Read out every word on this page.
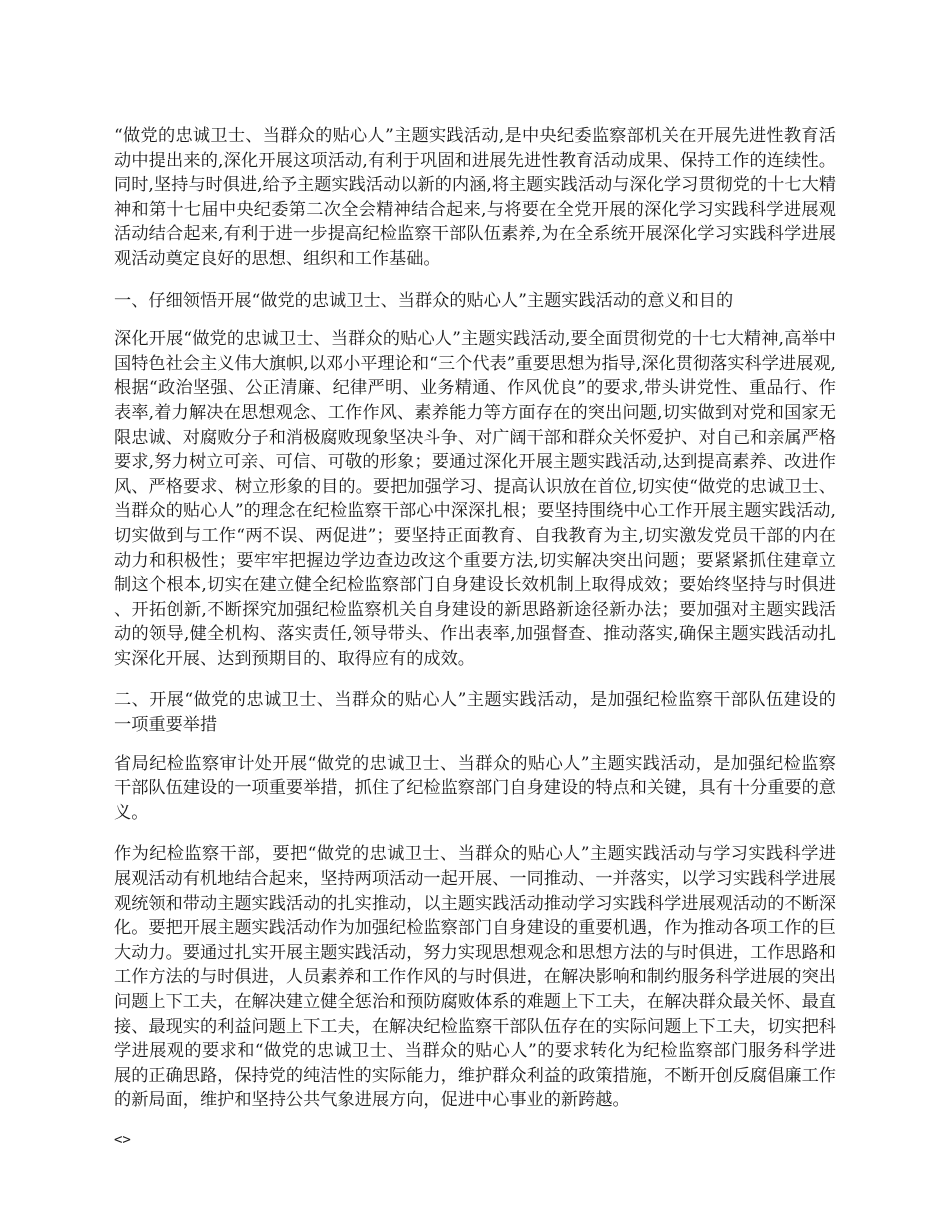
“做党的忠诚卫士、当群众的贴心人”主题实践活动,是中央纪委监察部机关在开展先进性教育活动中提出来的,深化开展这项活动,有利于巩固和进展先进性教育活动成果、保持工作的连续性。同时,坚持与时俱进,给予主题实践活动以新的内涵,将主题实践活动与深化学习贯彻党的十七大精神和第十七届中央纪委第二次全会精神结合起来,与将要在全党开展的深化学习实践科学进展观活动结合起来,有利于进一步提高纪检监察干部队伍素养,为在全系统开展深化学习实践科学进展观活动奠定良好的思想、组织和工作基础。

一、仔细领悟开展“做党的忠诚卫士、当群众的贴心人”主题实践活动的意义和目的

深化开展“做党的忠诚卫士、当群众的贴心人”主题实践活动,要全面贯彻党的十七大精神,高举中国特色社会主义伟大旗帜,以邓小平理论和“三个代表”重要思想为指导,深化贯彻落实科学进展观,根据“政治坚强、公正清廉、纪律严明、业务精通、作风优良”的要求,带头讲党性、重品行、作表率,着力解决在思想观念、工作作风、素养能力等方面存在的突出问题,切实做到对党和国家无限忠诚、对腐败分子和消极腐败现象坚决斗争、对广阔干部和群众关怀爱护、对自己和亲属严格要求,努力树立可亲、可信、可敬的形象；要通过深化开展主题实践活动,达到提高素养、改进作风、严格要求、树立形象的目的。要把加强学习、提高认识放在首位,切实使“做党的忠诚卫士、当群众的贴心人”的理念在纪检监察干部心中深深扎根；要坚持围绕中心工作开展主题实践活动,切实做到与工作“两不误、两促进”；要坚持正面教育、自我教育为主,切实激发党员干部的内在动力和积极性；要牢牢把握边学边查边改这个重要方法,切实解决突出问题；要紧紧抓住建章立制这个根本,切实在建立健全纪检监察部门自身建设长效机制上取得成效；要始终坚持与时俱进、开拓创新,不断探究加强纪检监察机关自身建设的新思路新途径新办法；要加强对主题实践活动的领导,健全机构、落实责任,领导带头、作出表率,加强督查、推动落实,确保主题实践活动扎实深化开展、达到预期目的、取得应有的成效。

二、开展“做党的忠诚卫士、当群众的贴心人”主题实践活动，是加强纪检监察干部队伍建设的一项重要举措

省局纪检监察审计处开展“做党的忠诚卫士、当群众的贴心人”主题实践活动，是加强纪检监察干部队伍建设的一项重要举措，抓住了纪检监察部门自身建设的特点和关键，具有十分重要的意义。

作为纪检监察干部，要把“做党的忠诚卫士、当群众的贴心人”主题实践活动与学习实践科学进展观活动有机地结合起来，坚持两项活动一起开展、一同推动、一并落实，以学习实践科学进展观统领和带动主题实践活动的扎实推动，以主题实践活动推动学习实践科学进展观活动的不断深化。要把开展主题实践活动作为加强纪检监察部门自身建设的重要机遇，作为推动各项工作的巨大动力。要通过扎实开展主题实践活动，努力实现思想观念和思想方法的与时俱进，工作思路和工作方法的与时俱进，人员素养和工作作风的与时俱进，在解决影响和制约服务科学进展的突出问题上下工夫，在解决建立健全惩治和预防腐败体系的难题上下工夫，在解决群众最关怀、最直接、最现实的利益问题上下工夫，在解决纪检监察干部队伍存在的实际问题上下工夫，切实把科学进展观的要求和“做党的忠诚卫士、当群众的贴心人”的要求转化为纪检监察部门服务科学进展的正确思路，保持党的纯洁性的实际能力，维护群众利益的政策措施，不断开创反腐倡廉工作的新局面，维护和坚持公共气象进展方向，促进中心事业的新跨越。

<>
